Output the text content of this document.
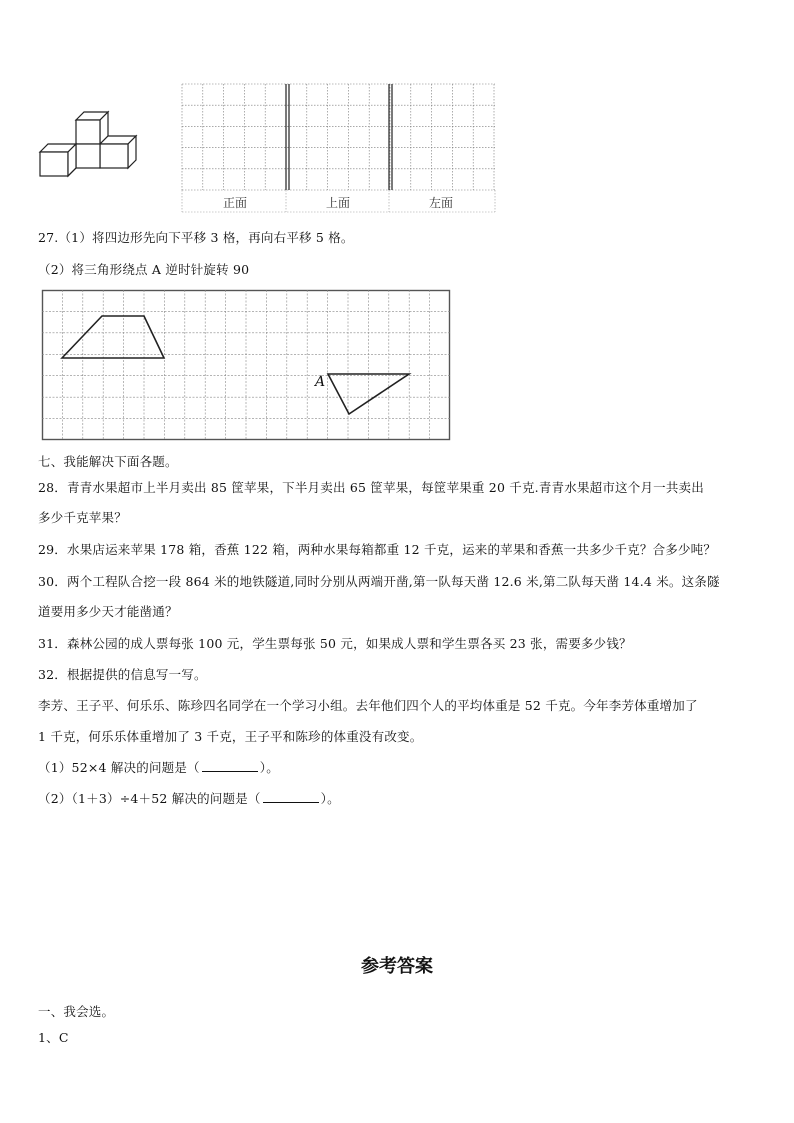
正面	上面	左面
27.（1）将四边形先向下平移 3 格，再向右平移 5 格。
（2）将三角形绕点 A 逆时针旋转 90
A
七、我能解决下面各题。
28．青青水果超市上半月卖出 85 筐苹果，下半月卖出 65 筐苹果，每筐苹果重 20 千克.青青水果超市这个月一共卖出
多少千克苹果？
29．水果店运来苹果 178 箱，香蕉 122 箱，两种水果每箱都重 12 千克，运来的苹果和香蕉一共多少千克？合多少吨？
30．两个工程队合挖一段 864 米的地铁隧道,同时分别从两端开凿,第一队每天凿 12.6 米,第二队每天凿 14.4 米。这条隧
道要用多少天才能凿通？
31．森林公园的成人票每张 100 元，学生票每张 50 元，如果成人票和学生票各买 23 张，需要多少钱？
32．根据提供的信息写一写。
李芳、王子平、何乐乐、陈珍四名同学在一个学习小组。去年他们四个人的平均体重是 52 千克。今年李芳体重增加了
1 千克，何乐乐体重增加了 3 千克，王子平和陈珍的体重没有改变。
（1）52×4 解决的问题是（	）。
（2）（1＋3）÷4＋52 解决的问题是（	）。
参考答案
一、我会选。
1、C
